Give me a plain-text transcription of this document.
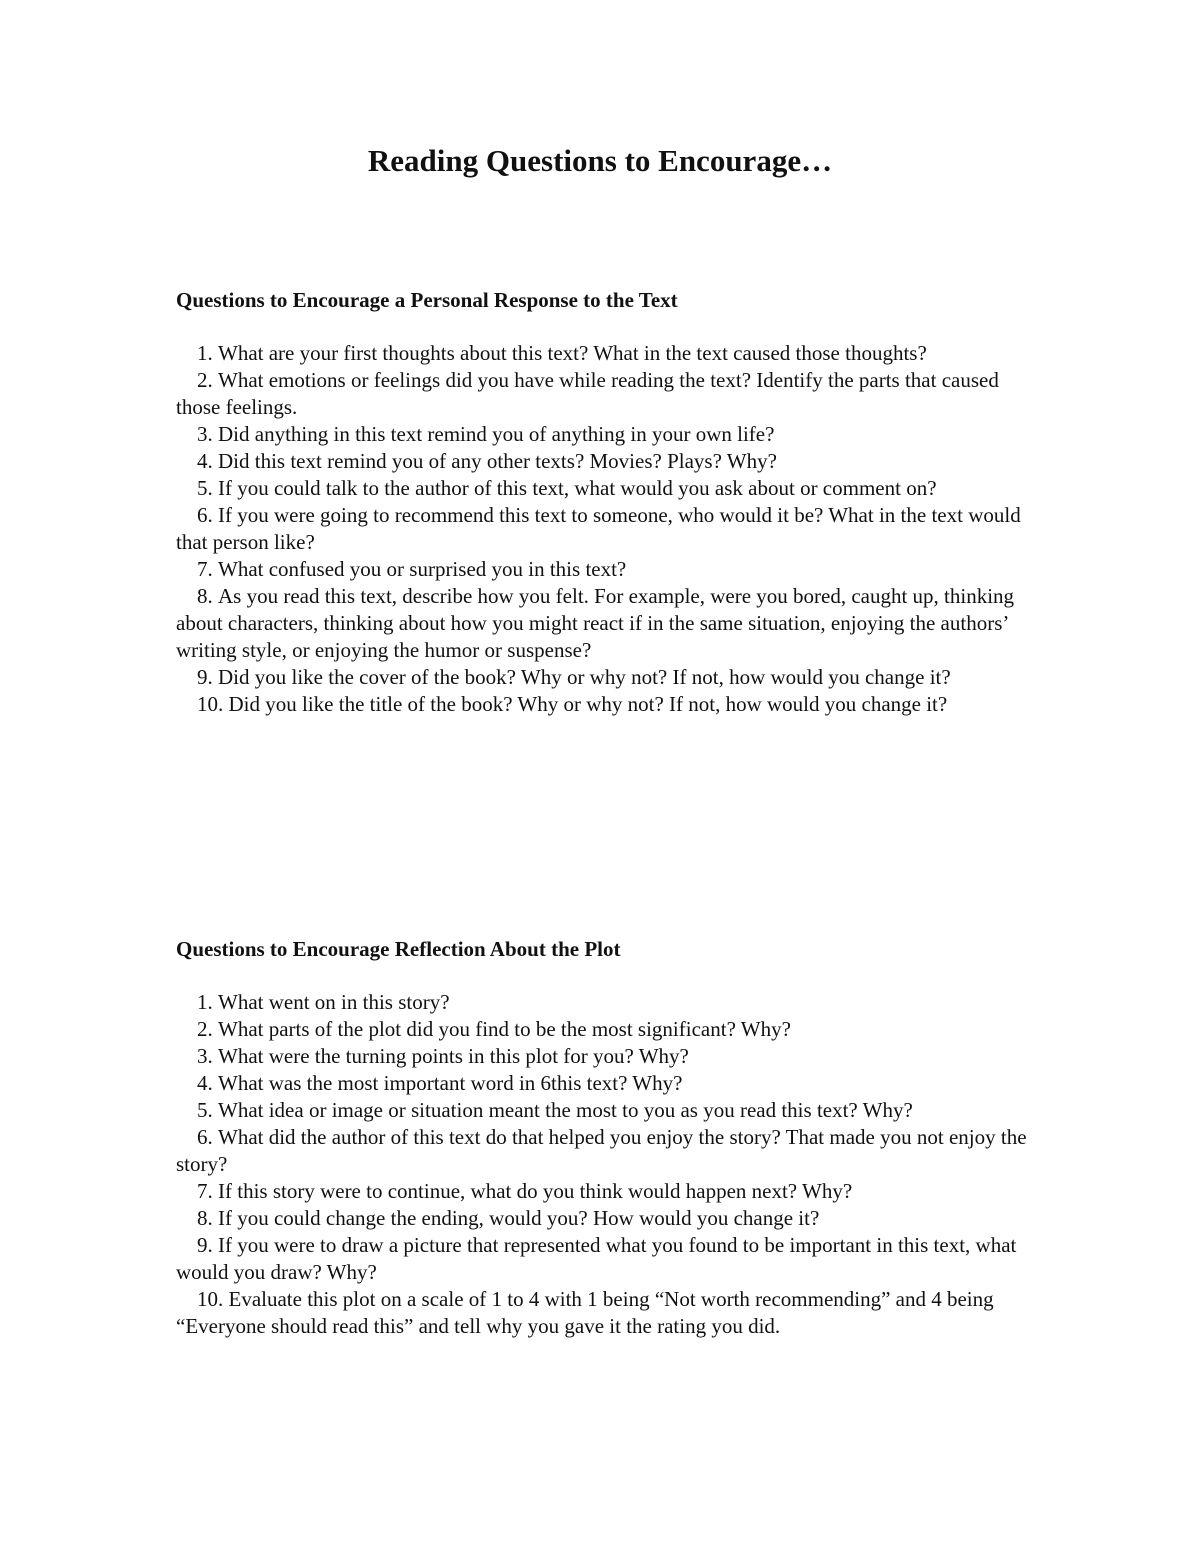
Reading Questions to Encourage…
Questions to Encourage a Personal Response to the Text
1. What are your first thoughts about this text? What in the text caused those thoughts?
2. What emotions or feelings did you have while reading the text? Identify the parts that caused those feelings.
3. Did anything in this text remind you of anything in your own life?
4. Did this text remind you of any other texts? Movies? Plays? Why?
5. If you could talk to the author of this text, what would you ask about or comment on?
6. If you were going to recommend this text to someone, who would it be? What in the text would that person like?
7. What confused you or surprised you in this text?
8. As you read this text, describe how you felt. For example, were you bored, caught up, thinking about characters, thinking about how you might react if in the same situation, enjoying the authors’ writing style, or enjoying the humor or suspense?
9. Did you like the cover of the book? Why or why not? If not, how would you change it?
10. Did you like the title of the book? Why or why not? If not, how would you change it?
Questions to Encourage Reflection About the Plot
1. What went on in this story?
2. What parts of the plot did you find to be the most significant? Why?
3. What were the turning points in this plot for you? Why?
4. What was the most important word in 6this text? Why?
5. What idea or image or situation meant the most to you as you read this text? Why?
6. What did the author of this text do that helped you enjoy the story? That made you not enjoy the story?
7. If this story were to continue, what do you think would happen next? Why?
8. If you could change the ending, would you? How would you change it?
9. If you were to draw a picture that represented what you found to be important in this text, what would you draw? Why?
10. Evaluate this plot on a scale of 1 to 4 with 1 being “Not worth recommending” and 4 being “Everyone should read this” and tell why you gave it the rating you did.
